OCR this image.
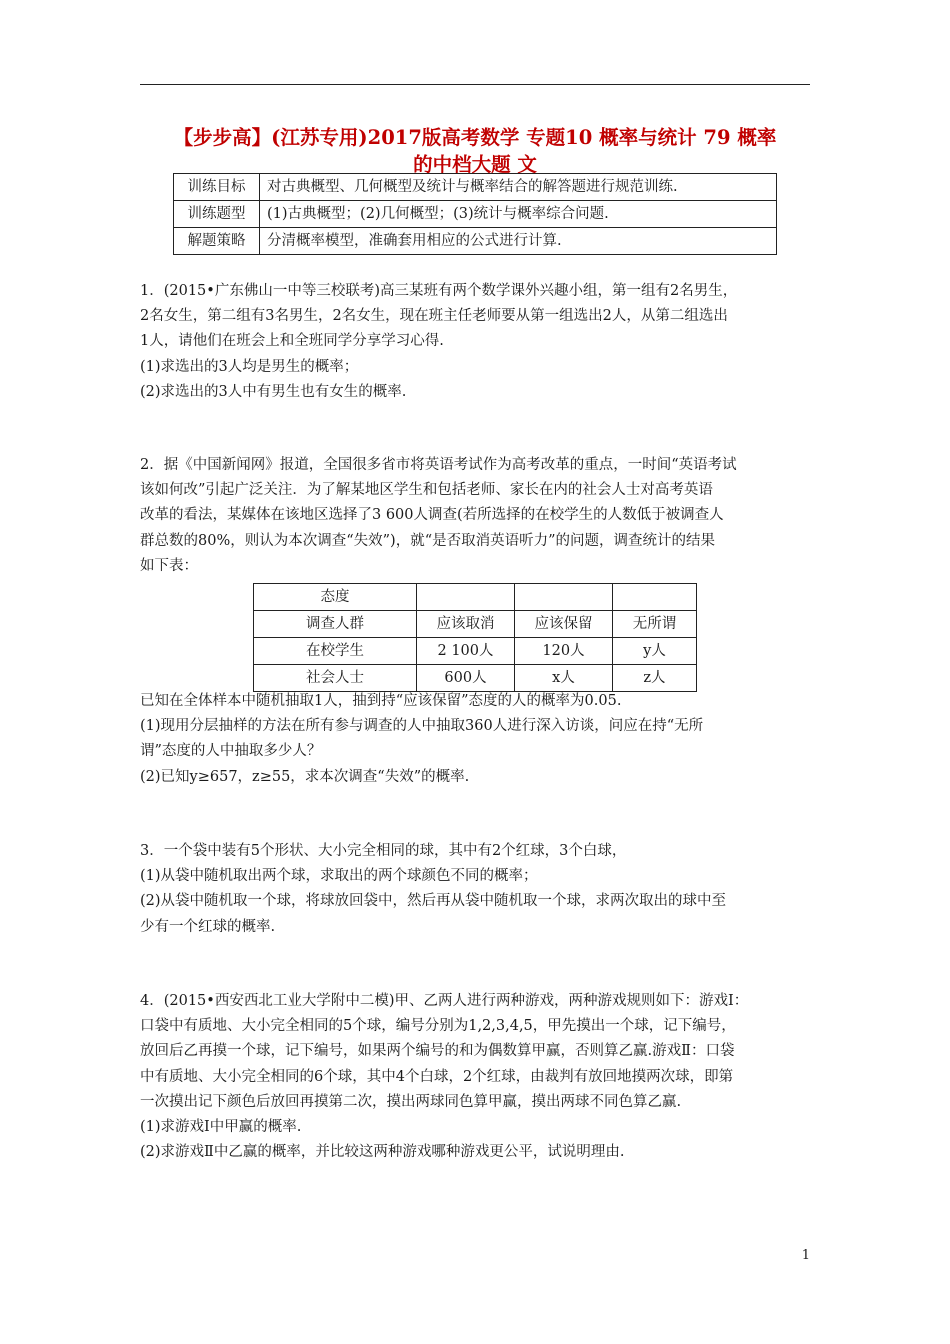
【步步高】(江苏专用)2017版高考数学 专题10 概率与统计 79 概率
的中档大题 文
训练目标	对古典概型、几何概型及统计与概率结合的解答题进行规范训练.
训练题型	(1)古典概型；(2)几何概型；(3)统计与概率综合问题.
解题策略	分清概率模型，准确套用相应的公式进行计算.

1．(2015•广东佛山一中等三校联考)高三某班有两个数学课外兴趣小组，第一组有2名男生，

2名女生，第二组有3名男生，2名女生，现在班主任老师要从第一组选出2人，从第二组选出

1人，请他们在班会上和全班同学分享学习心得.

(1)求选出的3人均是男生的概率；

(2)求选出的3人中有男生也有女生的概率.

2．据《中国新闻网》报道，全国很多省市将英语考试作为高考改革的重点，一时间“英语考试

该如何改”引起广泛关注．为了解某地区学生和包括老师、家长在内的社会人士对高考英语

改革的看法，某媒体在该地区选择了3 600人调查(若所选择的在校学生的人数低于被调查人

群总数的80%，则认为本次调查“失效”)，就“是否取消英语听力”的问题，调查统计的结果

如下表：

态度			
调查人群	应该取消	应该保留	无所谓
在校学生	2 100人	120人	y人
社会人士	600人	x人	z人

已知在全体样本中随机抽取1人，抽到持“应该保留”态度的人的概率为0.05.

(1)现用分层抽样的方法在所有参与调查的人中抽取360人进行深入访谈，问应在持“无所

谓”态度的人中抽取多少人？

(2)已知y≥657，z≥55，求本次调查“失效”的概率.

3．一个袋中装有5个形状、大小完全相同的球，其中有2个红球，3个白球，

(1)从袋中随机取出两个球，求取出的两个球颜色不同的概率；

(2)从袋中随机取一个球，将球放回袋中，然后再从袋中随机取一个球，求两次取出的球中至

少有一个红球的概率.

4．(2015•西安西北工业大学附中二模)甲、乙两人进行两种游戏，两种游戏规则如下：游戏Ⅰ：

口袋中有质地、大小完全相同的5个球，编号分别为1,2,3,4,5，甲先摸出一个球，记下编号，

放回后乙再摸一个球，记下编号，如果两个编号的和为偶数算甲赢，否则算乙赢.游戏Ⅱ：口袋

中有质地、大小完全相同的6个球，其中4个白球，2个红球，由裁判有放回地摸两次球，即第

一次摸出记下颜色后放回再摸第二次，摸出两球同色算甲赢，摸出两球不同色算乙赢.

(1)求游戏Ⅰ中甲赢的概率.

(2)求游戏Ⅱ中乙赢的概率，并比较这两种游戏哪种游戏更公平，试说明理由.

1
